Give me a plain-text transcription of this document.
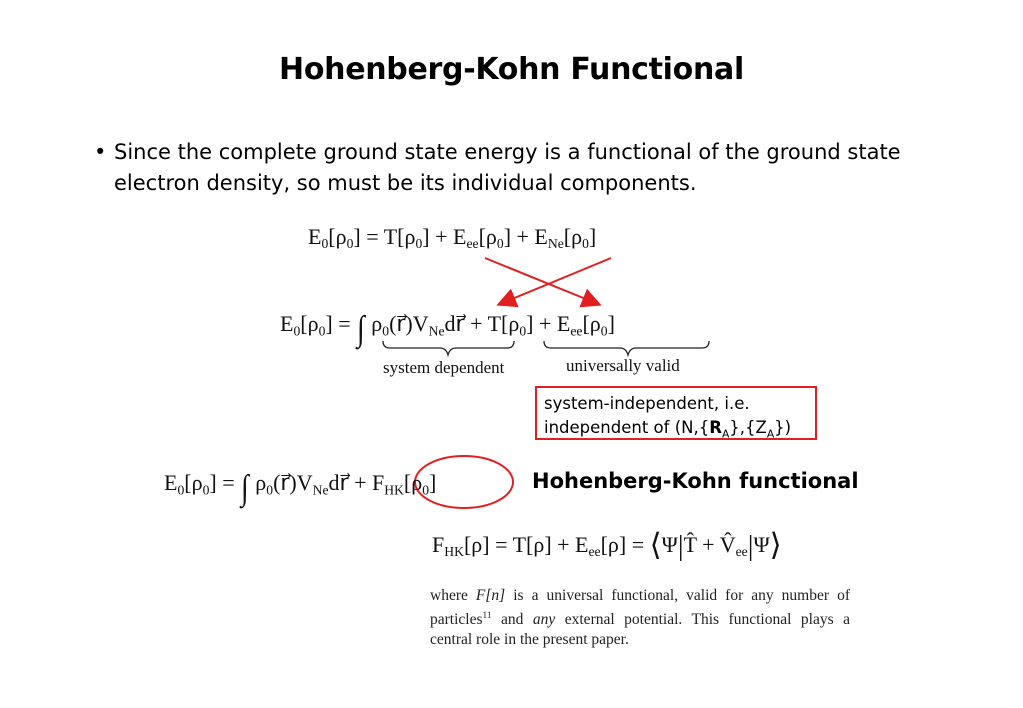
Hohenberg-Kohn Functional
• Since the complete ground state energy is a functional of the ground state electron density, so must be its individual components.
$E_0[\rho_0] = T[\rho_0] + E_{ee}[\rho_0] + E_{Ne}[\rho_0]$
$E_0[\rho_0]$ = ∫ $\rho_0(r⃗)V_{Ne}dr⃗ + T[\rho_0] + E_{ee}[\rho_0]$
system dependent	universally valid
system-independent, i.e.
independent of $(N,\{R_A\},\{Z_A\})$
$E_0[\rho_0]$ = ∫ $\rho_0(r⃗)V_{Ne}dr⃗ + F_{HK}[\rho_0]$	Hohenberg-Kohn functional
$F_{HK}[\rho] = T[\rho] + E_{ee}[\rho]$ = ⟨Ψ|T̂ + $V̂_{ee}|\Psi⟩$
where F[n] is a universal functional, valid for any number of particles$^{11}$ and any external potential. This functional plays a central role in the present paper.
